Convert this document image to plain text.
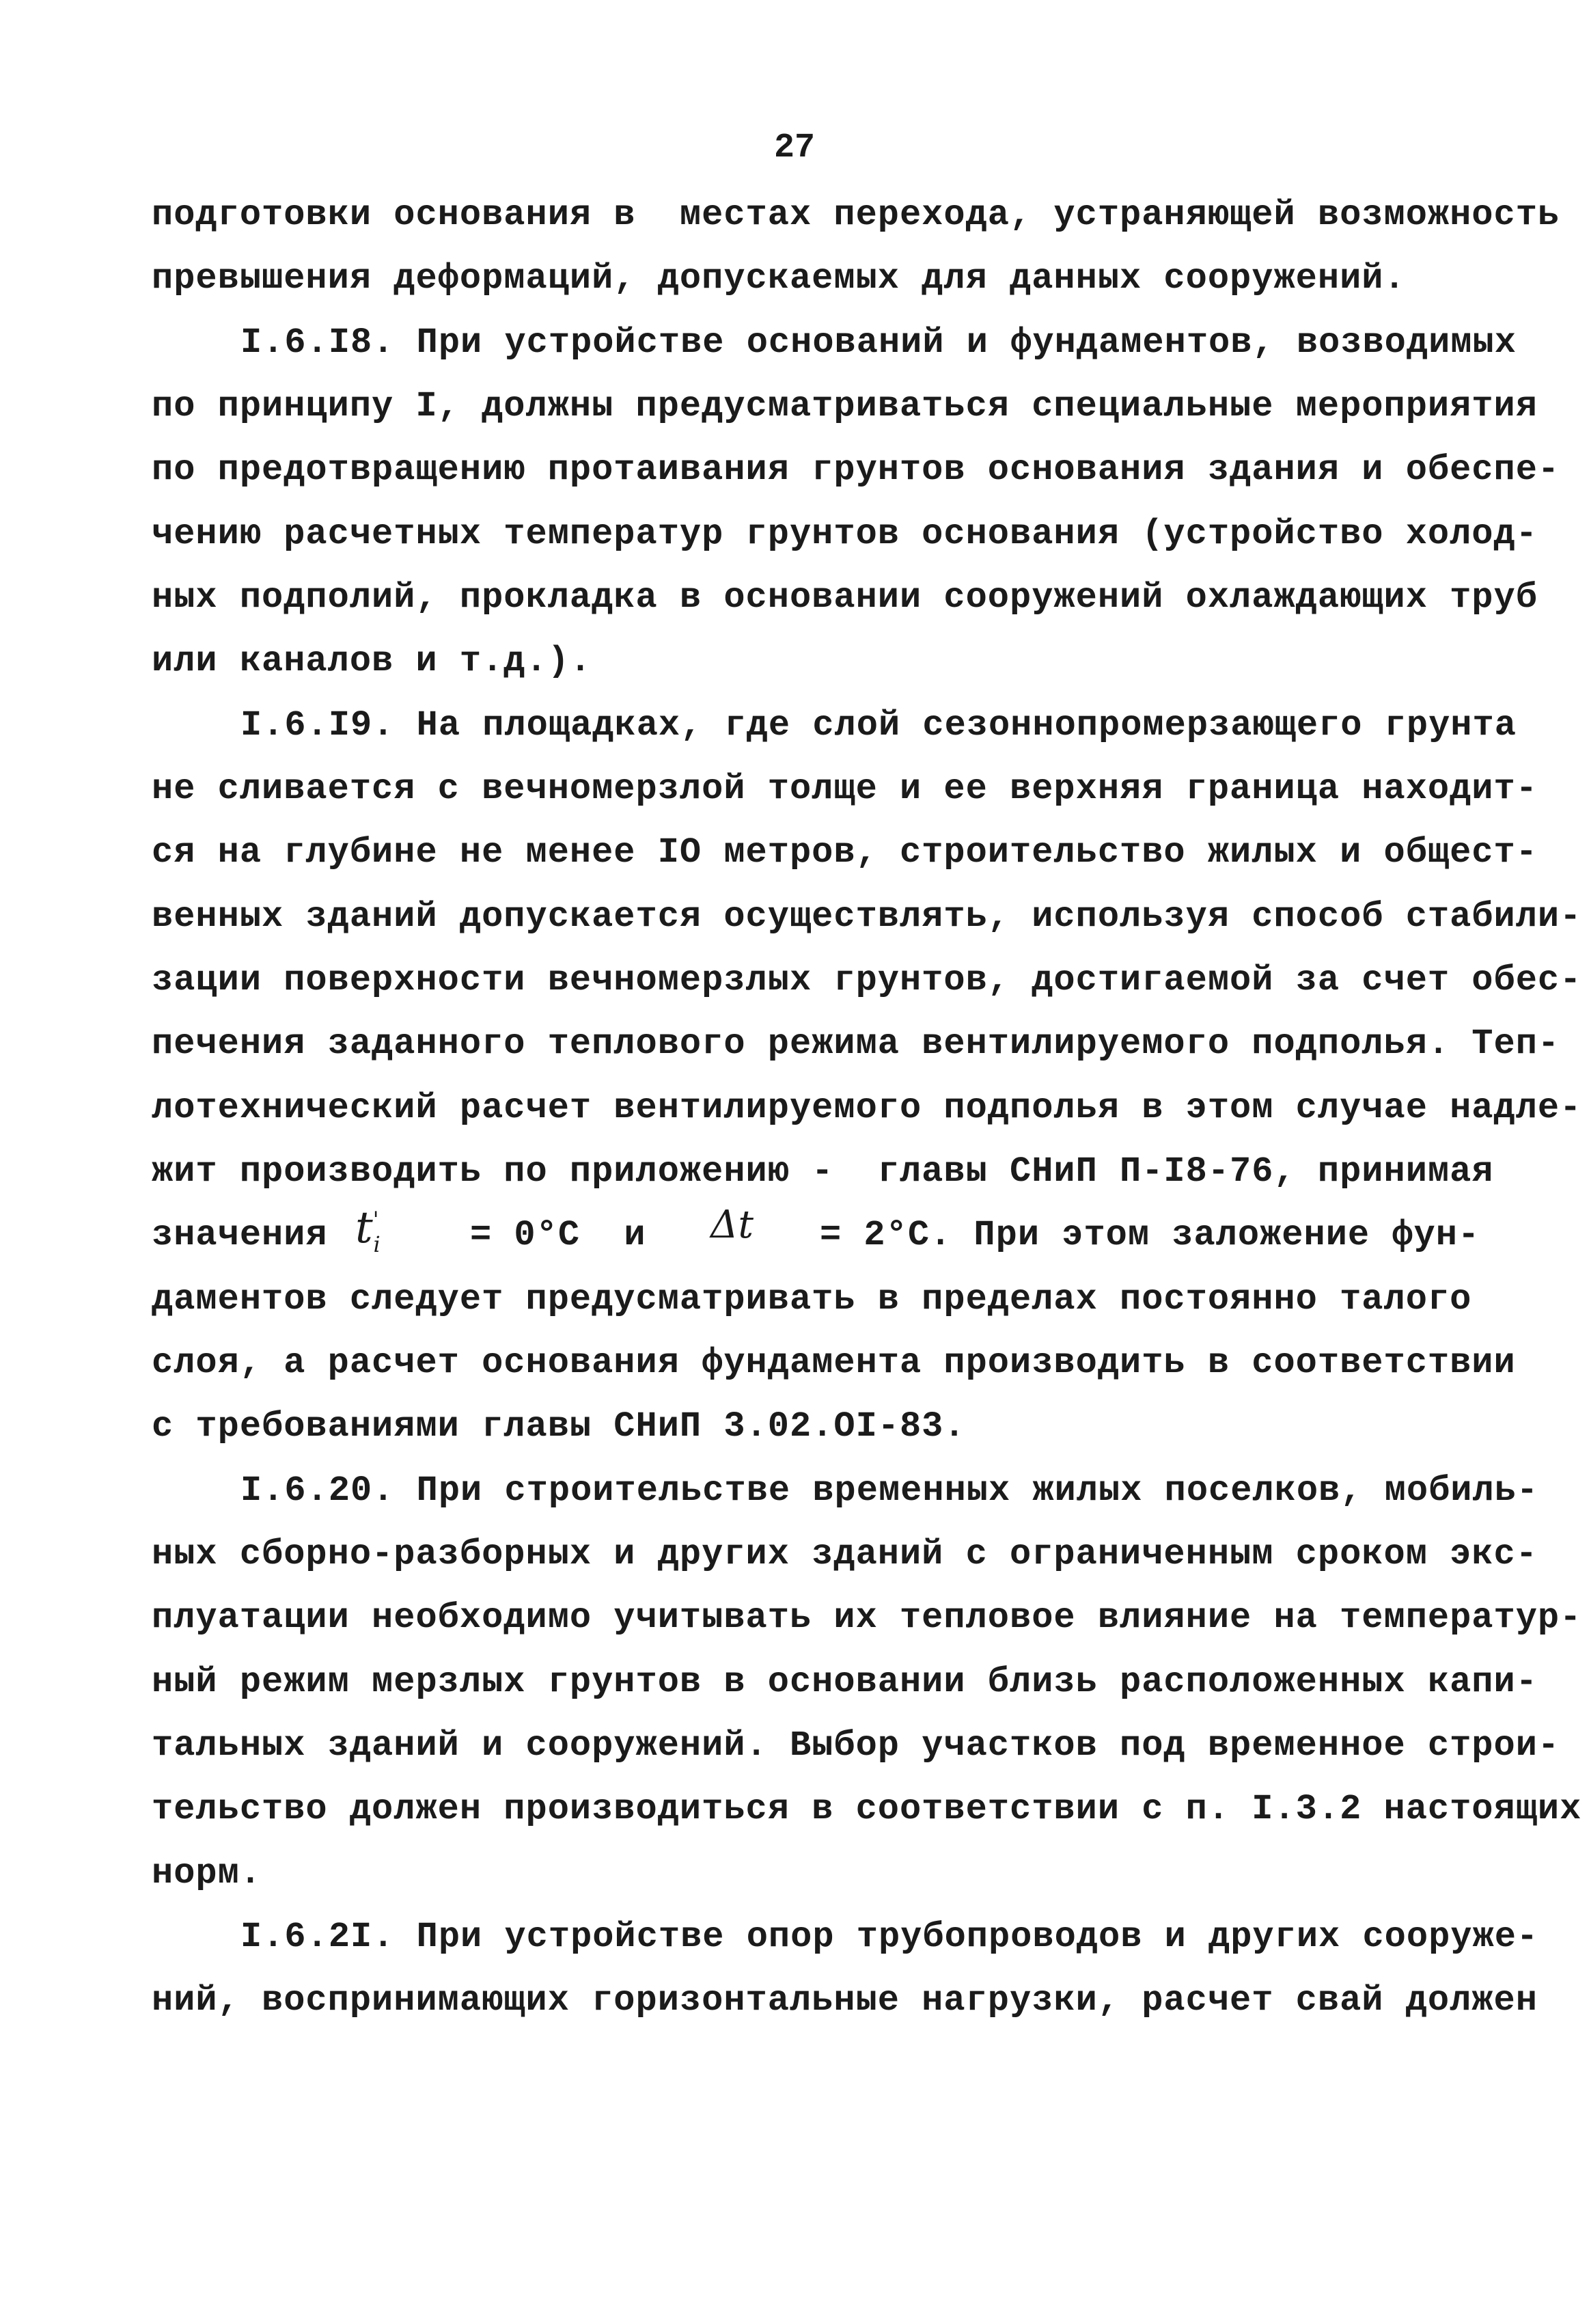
27
подготовки основания в  местах перехода, устраняющей возможность
превышения деформаций, допускаемых для данных сооружений.
I.6.I8. При устройстве оснований и фундаментов, возводимых
по принципу I, должны предусматриваться специальные мероприятия
по предотвращению протаивания грунтов основания здания и обеспе-
чению расчетных температур грунтов основания (устройство холод-
ных подполий, прокладка в основании сооружений охлаждающих труб
или каналов и т.д.).
I.6.I9. На площадках, где слой сезоннопромерзающего грунта
не сливается с вечномерзлой толще и ее верхняя граница находит-
ся на глубине не менее IO метров, строительство жилых и общест-
венных зданий допускается осуществлять, используя способ стабили-
зации поверхности вечномерзлых грунтов, достигаемой за счет обес-
печения заданного теплового режима вентилируемого подполья. Теп-
лотехнический расчет вентилируемого подполья в этом случае надле-
жит производить по приложению -  главы СНиП П-I8-76, принимая
значения $t'_i$	= 0°С  и Δt = 2°С. При этом заложение фун-
даментов следует предусматривать в пределах постоянно талого
слоя, а расчет основания фундамента производить в соответствии
с требованиями главы СНиП 3.02.OI-83.
I.6.20. При строительстве временных жилых поселков, мобиль-
ных сборно-разборных и других зданий с ограниченным сроком экс-
плуатации необходимо учитывать их тепловое влияние на температур-
ный режим мерзлых грунтов в основании близь расположенных капи-
тальных зданий и сооружений. Выбор участков под временное строи-
тельство должен производиться в соответствии с п. I.3.2 настоящих
норм.
I.6.2I. При устройстве опор трубопроводов и других сооруже-
ний, воспринимающих горизонтальные нагрузки, расчет свай должен
